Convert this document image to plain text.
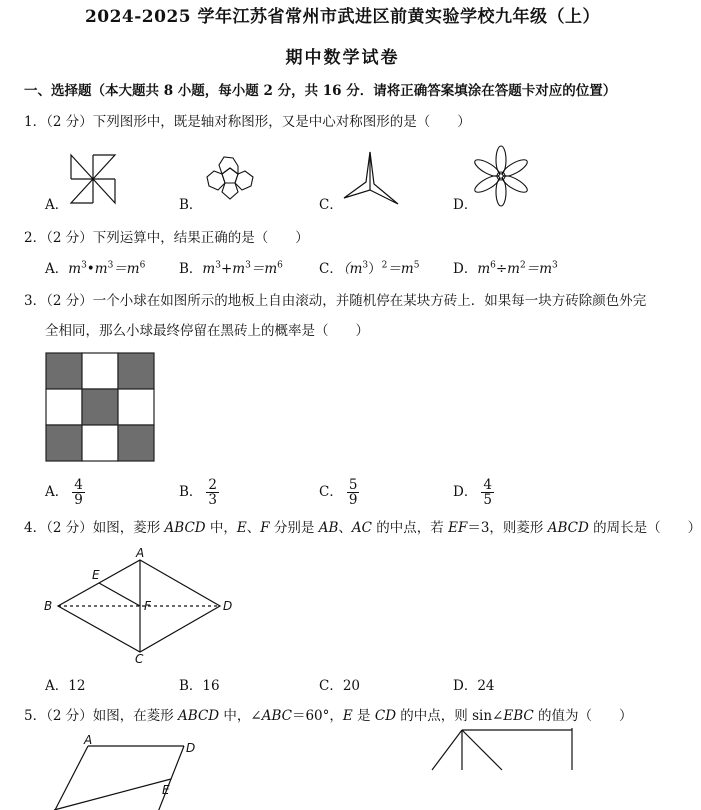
2024-2025 学年江苏省常州市武进区前黄实验学校九年级（上）
期中数学试卷
一、选择题（本大题共 8 小题，每小题 2 分，共 16 分．请将正确答案填涂在答题卡对应的位置）
1．（2 分）下列图形中，既是轴对称图形，又是中心对称图形的是（　　）
A．	B．	C．	D．
2．（2 分）下列运算中，结果正确的是（　　）
A．$m^3•m^3=m^6$ B．$m^3+m^3=m^6$	C．$(m^3)^2=m^5$ D．$m^6\div m^2=m^3$
3．（2 分）一个小球在如图所示的地板上自由滚动，并随机停在某块方砖上．如果每一块方砖除颜色外完
全相同，那么小球最终停留在黑砖上的概率是（　　）
A． $\frac{4}{9}$	B． $\frac{2}{3}$	C． $\frac{5}{9}$	D． $\frac{4}{5}$
4．（2 分）如图，菱形 ABCD 中，E、F 分别是 AB、AC 的中点，若 EF＝3，则菱形 ABCD 的周长是（　　）
A
E
B	F	D
C
A．12	B．16	C．20	D．24
5．（2 分）如图，在菱形 ABCD 中，∠ABC＝60°，E 是 CD 的中点，则 sin∠EBC 的值为（　　）
A
D
E
